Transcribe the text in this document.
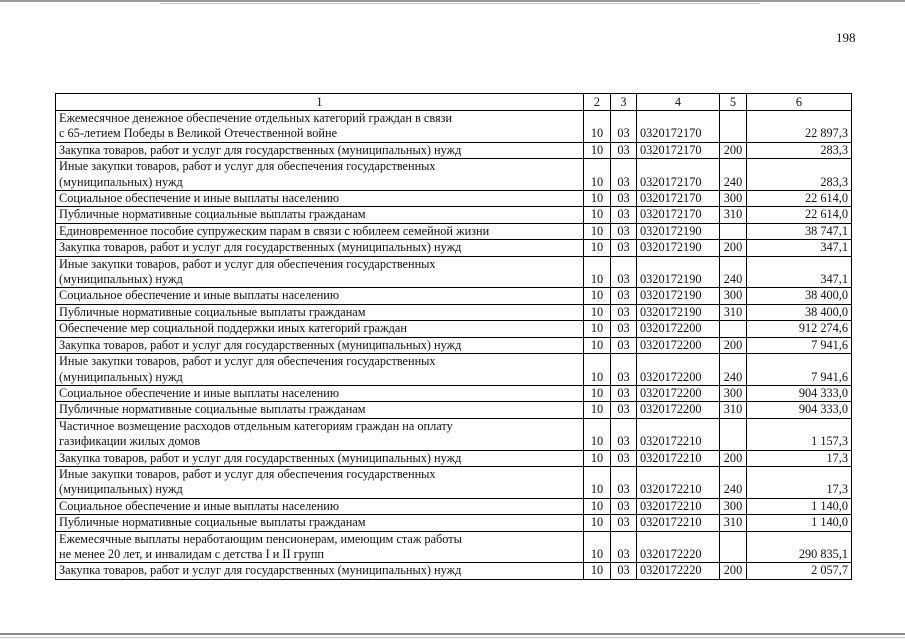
198
1	2	3	4	5	6
Ежемесячное денежное обеспечение отдельных категорий граждан в связи
с 65-летием Победы в Великой Отечественной войне	10	03	0320172170		22 897,3
Закупка товаров, работ и услуг для государственных (муниципальных) нужд	10	03	0320172170	200	283,3
Иные закупки товаров, работ и услуг для обеспечения государственных
(муниципальных) нужд	10	03	0320172170	240	283,3
Социальное обеспечение и иные выплаты населению	10	03	0320172170	300	22 614,0
Публичные нормативные социальные выплаты гражданам	10	03	0320172170	310	22 614,0
Единовременное пособие супружеским парам в связи с юбилеем семейной жизни	10	03	0320172190		38 747,1
Закупка товаров, работ и услуг для государственных (муниципальных) нужд	10	03	0320172190	200	347,1
Иные закупки товаров, работ и услуг для обеспечения государственных
(муниципальных) нужд	10	03	0320172190	240	347,1
Социальное обеспечение и иные выплаты населению	10	03	0320172190	300	38 400,0
Публичные нормативные социальные выплаты гражданам	10	03	0320172190	310	38 400,0
Обеспечение мер социальной поддержки иных категорий граждан	10	03	0320172200		912 274,6
Закупка товаров, работ и услуг для государственных (муниципальных) нужд	10	03	0320172200	200	7 941,6
Иные закупки товаров, работ и услуг для обеспечения государственных
(муниципальных) нужд	10	03	0320172200	240	7 941,6
Социальное обеспечение и иные выплаты населению	10	03	0320172200	300	904 333,0
Публичные нормативные социальные выплаты гражданам	10	03	0320172200	310	904 333,0
Частичное возмещение расходов отдельным категориям граждан на оплату
газификации жилых домов	10	03	0320172210		1 157,3
Закупка товаров, работ и услуг для государственных (муниципальных) нужд	10	03	0320172210	200	17,3
Иные закупки товаров, работ и услуг для обеспечения государственных
(муниципальных) нужд	10	03	0320172210	240	17,3
Социальное обеспечение и иные выплаты населению	10	03	0320172210	300	1 140,0
Публичные нормативные социальные выплаты гражданам	10	03	0320172210	310	1 140,0
Ежемесячные выплаты неработающим пенсионерам, имеющим стаж работы
не менее 20 лет, и инвалидам с детства I и II групп	10	03	0320172220		290 835,1
Закупка товаров, работ и услуг для государственных (муниципальных) нужд	10	03	0320172220	200	2 057,7
